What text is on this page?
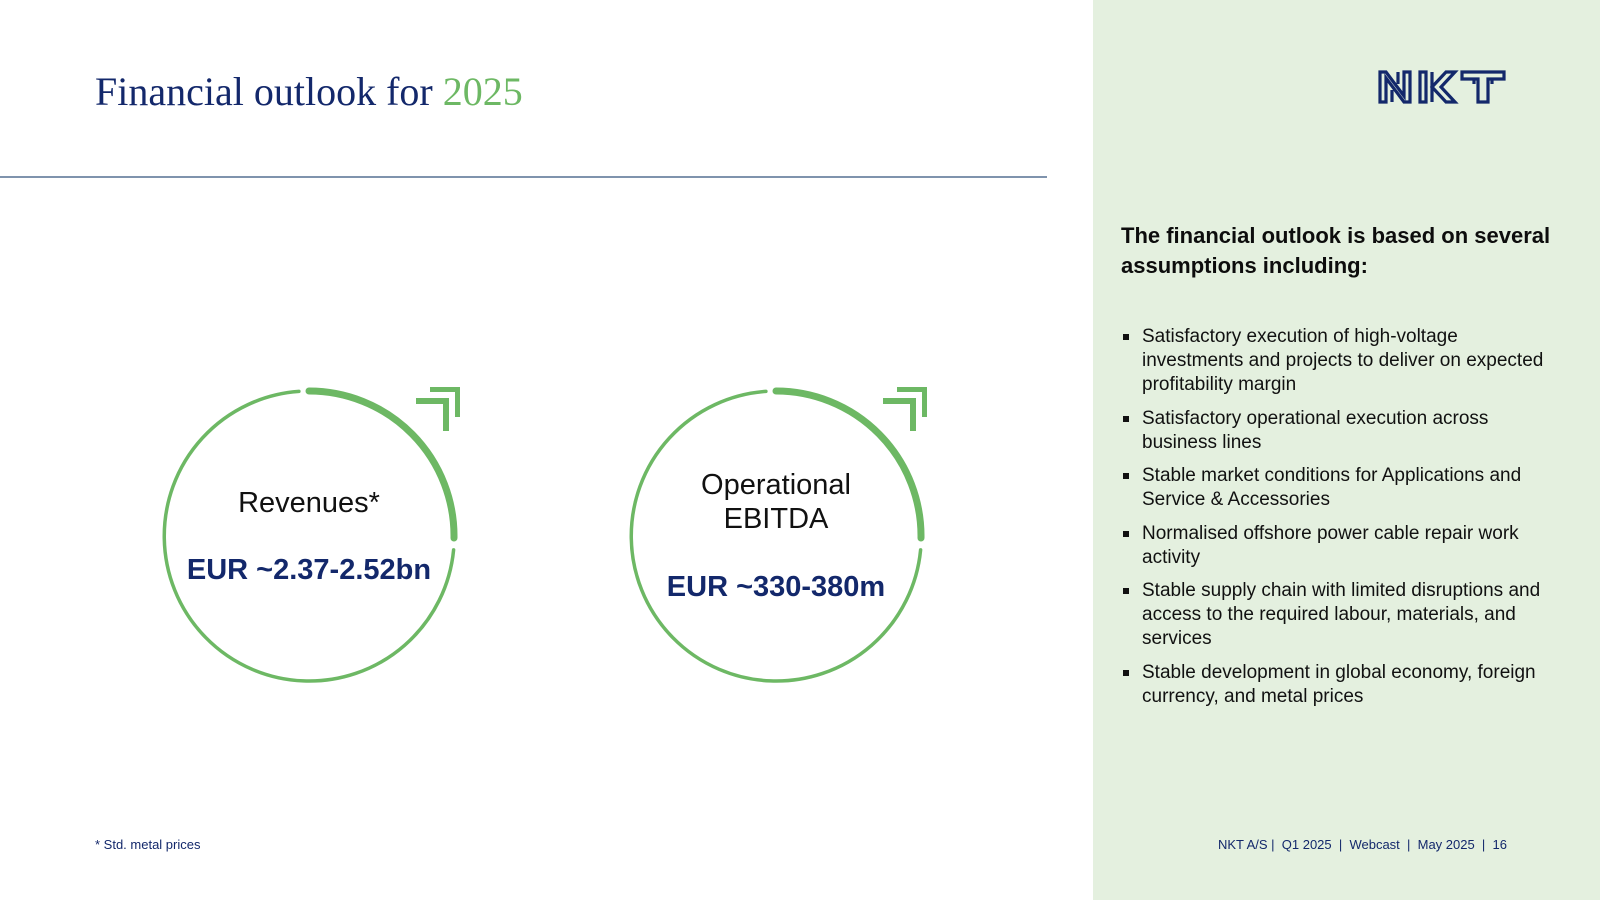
Financial outlook for 2025
Revenues*
EUR ~2.37-2.52bn
Operational
EBITDA
EUR ~330-380m
The financial outlook is based on several assumptions including:
Satisfactory execution of high-voltage investments and projects to deliver on expected profitability margin
Satisfactory operational execution across business lines
Stable market conditions for Applications and Service & Accessories
Normalised offshore power cable repair work activity
Stable supply chain with limited disruptions and access to the required labour, materials, and services
Stable development in global economy, foreign currency, and metal prices
* Std. metal prices	NKT A/S |  Q1 2025  |  Webcast  |  May 2025  |  16
